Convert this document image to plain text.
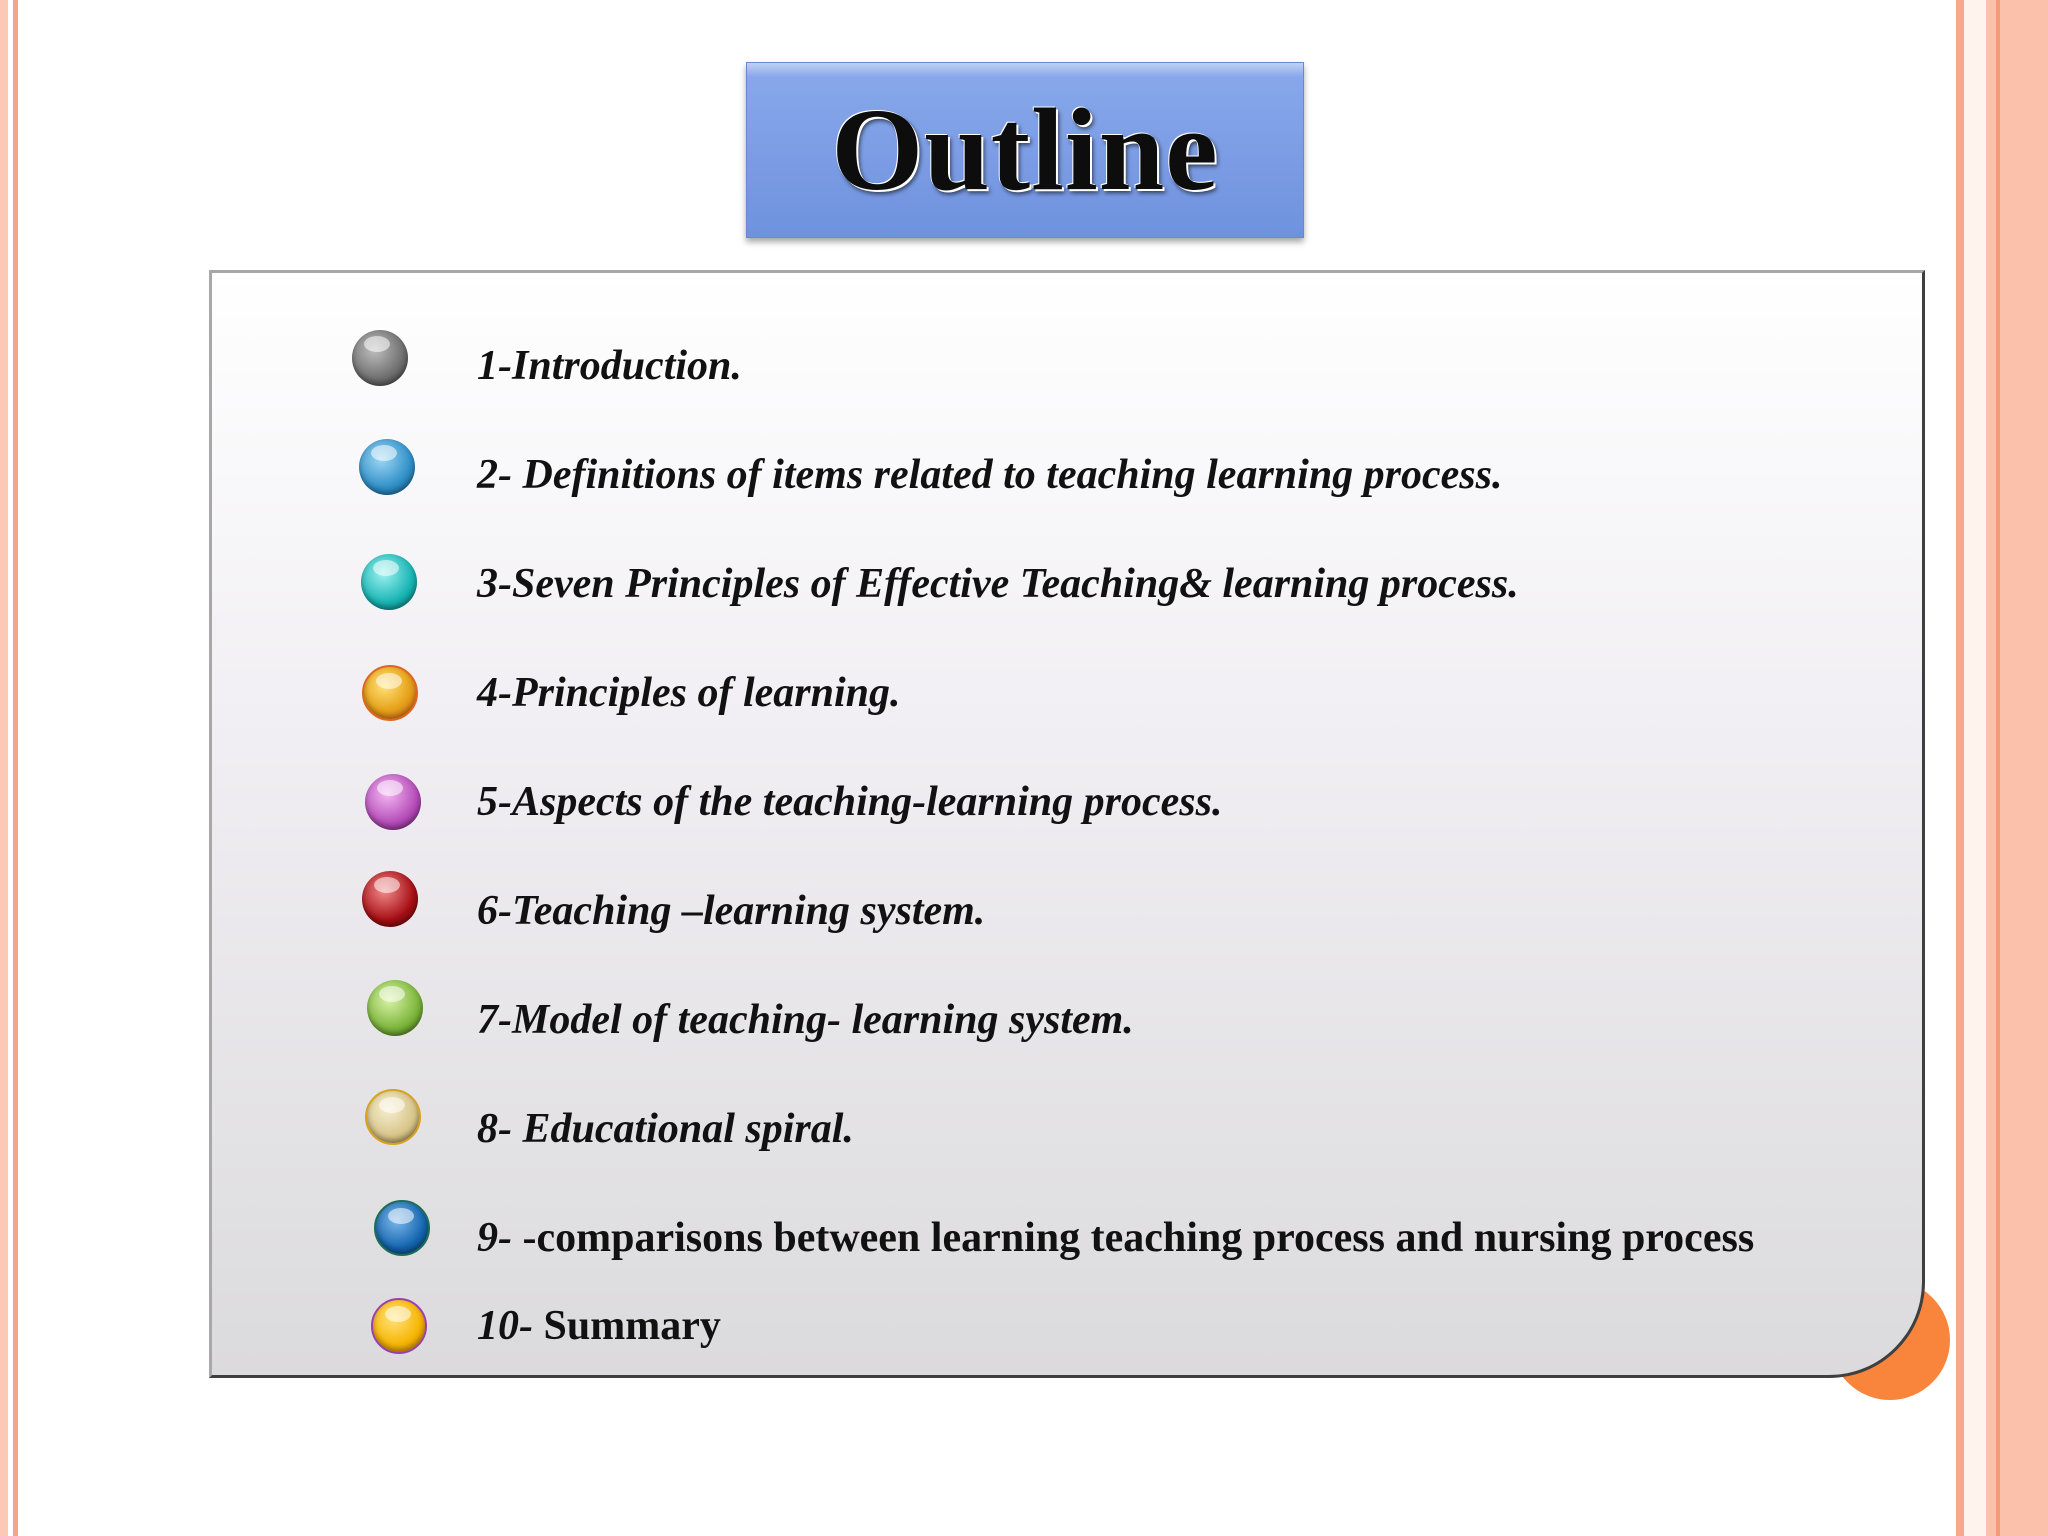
Outline
1-Introduction.
2- Definitions of items related to teaching learning process.
3-Seven Principles of Effective Teaching& learning process.
4-Principles of learning.
5-Aspects of the teaching-learning process.
6-Teaching –learning system.
7-Model of teaching- learning system.
8- Educational spiral.
9- -comparisons between learning teaching process and nursing process
10- Summary
